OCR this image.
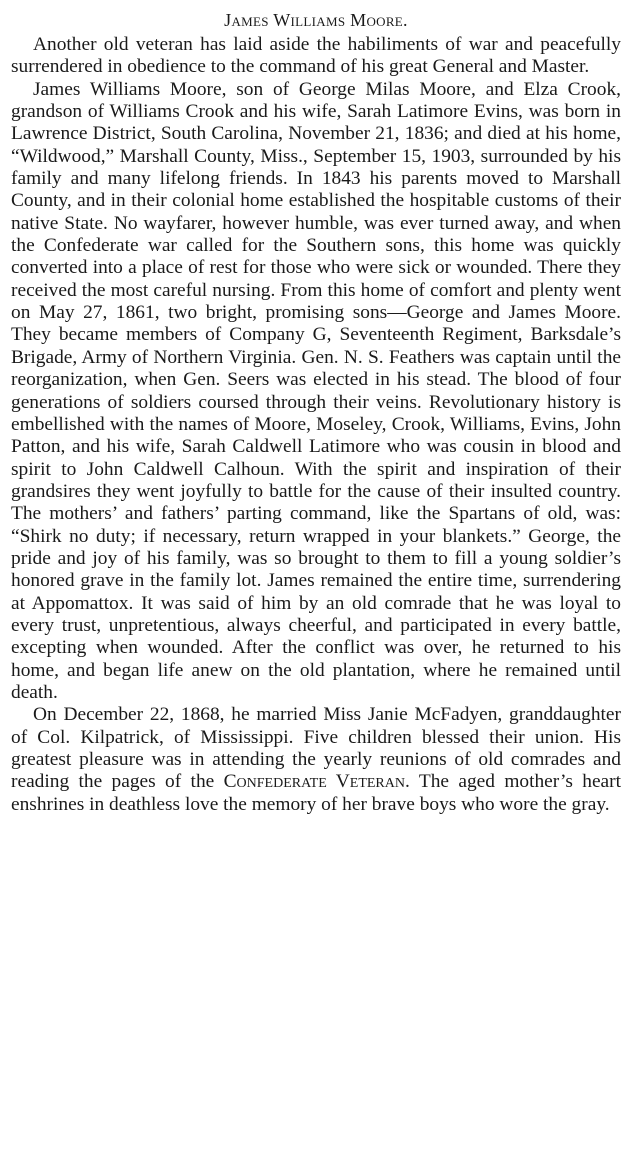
James Williams Moore.

Another old veteran has laid aside the habiliments of war and peacefully surrendered in obedience to the command of his great General and Master.

James Williams Moore, son of George Milas Moore, and Elza Crook, grandson of Williams Crook and his wife, Sarah Latimore Evins, was born in Lawrence District, South Carolina, November 21, 1836; and died at his home, “Wildwood,” Marshall County, Miss., September 15, 1903, surrounded by his family and many lifelong friends. In 1843 his parents moved to Marshall County, and in their colonial home established the hospitable customs of their native State. No wayfarer, however humble, was ever turned away, and when the Confederate war called for the Southern sons, this home was quickly converted into a place of rest for those who were sick or wounded. There they received the most careful nursing. From this home of comfort and plenty went on May 27, 1861, two bright, promising sons—George and James Moore. They became members of Company G, Seventeenth Regiment, Barksdale’s Brigade, Army of Northern Virginia. Gen. N. S. Feathers was captain until the reorganization, when Gen. Seers was elected in his stead. The blood of four generations of soldiers coursed through their veins. Revolutionary history is embellished with the names of Moore, Moseley, Crook, Williams, Evins, John Patton, and his wife, Sarah Caldwell Latimore who was cousin in blood and spirit to John Caldwell Calhoun. With the spirit and inspiration of their grandsires they went joyfully to battle for the cause of their insulted country. The mothers’ and fathers’ parting command, like the Spartans of old, was: “Shirk no duty; if necessary, return wrapped in your blankets.” George, the pride and joy of his family, was so brought to them to fill a young soldier’s honored grave in the family lot. James remained the entire time, surrendering at Appomattox. It was said of him by an old comrade that he was loyal to every trust, unpretentious, always cheerful, and participated in every battle, excepting when wounded. After the conflict was over, he returned to his home, and began life anew on the old plantation, where he remained until death.

On December 22, 1868, he married Miss Janie McFadyen, granddaughter of Col. Kilpatrick, of Mississippi. Five children blessed their union. His greatest pleasure was in attending the yearly reunions of old comrades and reading the pages of the Confederate Veteran. The aged mother’s heart enshrines in deathless love the memory of her brave boys who wore the gray.
